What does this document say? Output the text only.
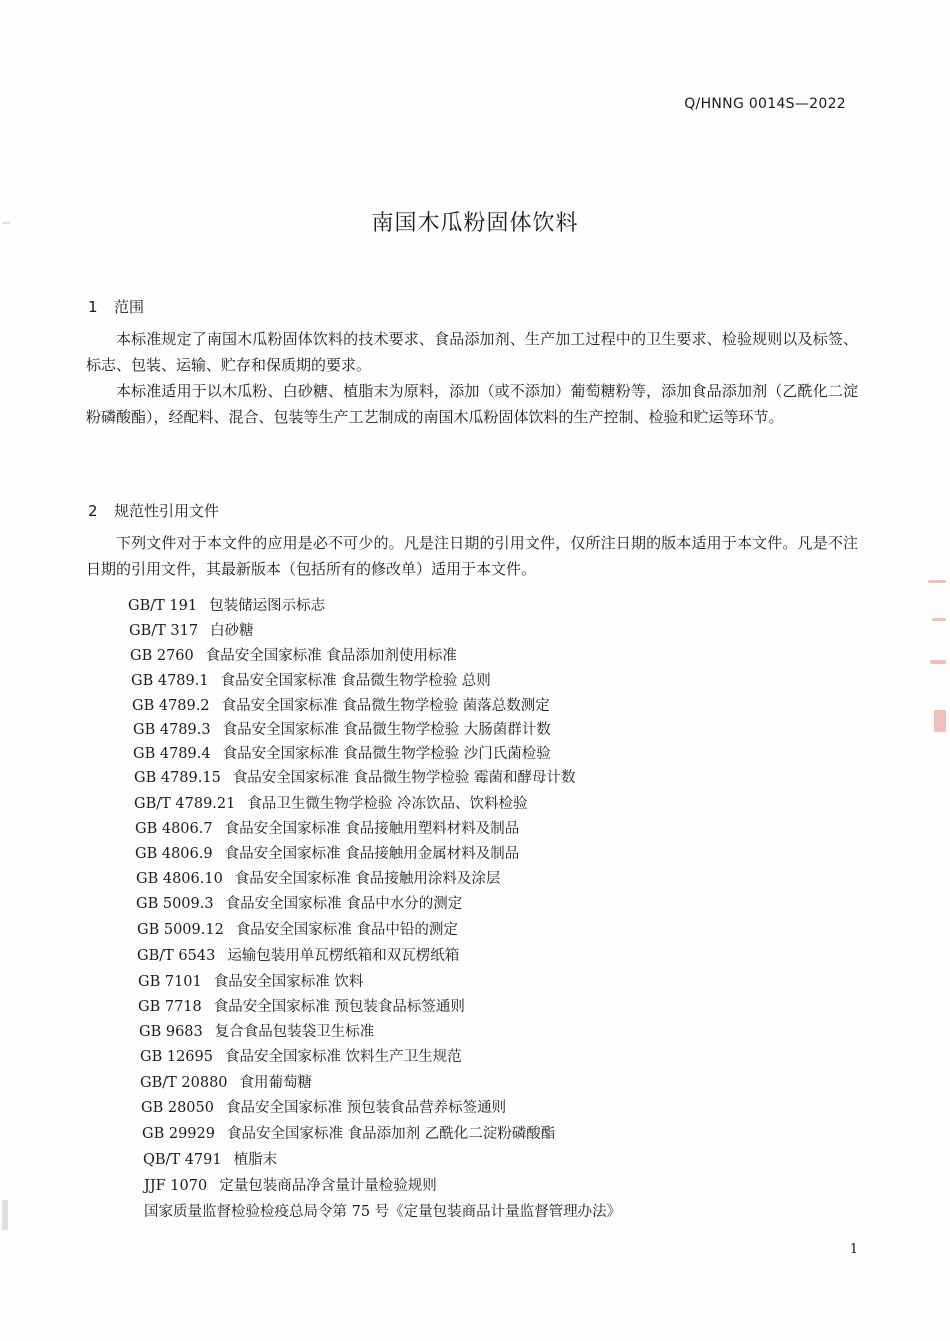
Q/HNNG 0014S—2022
南国木瓜粉固体饮料
1 范围

本标准规定了南国木瓜粉固体饮料的技术要求、食品添加剂、生产加工过程中的卫生要求、检验规则以及标签、标志、包装、运输、贮存和保质期的要求。

本标准适用于以木瓜粉、白砂糖、植脂末为原料，添加（或不添加）葡萄糖粉等，添加食品添加剂（乙酰化二淀粉磷酸酯），经配料、混合、包装等生产工艺制成的南国木瓜粉固体饮料的生产控制、检验和贮运等环节。

2 规范性引用文件

下列文件对于本文件的应用是必不可少的。凡是注日期的引用文件，仅所注日期的版本适用于本文件。凡是不注日期的引用文件，其最新版本（包括所有的修改单）适用于本文件。

GB/T 191 包装储运图示标志
GB/T 317 白砂糖
GB 2760 食品安全国家标准 食品添加剂使用标准
GB 4789.1 食品安全国家标准 食品微生物学检验 总则
GB 4789.2 食品安全国家标准 食品微生物学检验 菌落总数测定
GB 4789.3 食品安全国家标准 食品微生物学检验 大肠菌群计数
GB 4789.4 食品安全国家标准 食品微生物学检验 沙门氏菌检验
GB 4789.15 食品安全国家标准 食品微生物学检验 霉菌和酵母计数
GB/T 4789.21 食品卫生微生物学检验 冷冻饮品、饮料检验
GB 4806.7 食品安全国家标准 食品接触用塑料材料及制品
GB 4806.9 食品安全国家标准 食品接触用金属材料及制品
GB 4806.10 食品安全国家标准 食品接触用涂料及涂层
GB 5009.3 食品安全国家标准 食品中水分的测定
GB 5009.12 食品安全国家标准 食品中铅的测定
GB/T 6543 运输包装用单瓦楞纸箱和双瓦楞纸箱
GB 7101 食品安全国家标准 饮料
GB 7718 食品安全国家标准 预包装食品标签通则
GB 9683 复合食品包装袋卫生标准
GB 12695 食品安全国家标准 饮料生产卫生规范
GB/T 20880 食用葡萄糖
GB 28050 食品安全国家标准 预包装食品营养标签通则
GB 29929 食品安全国家标准 食品添加剂 乙酰化二淀粉磷酸酯
QB/T 4791 植脂末
JJF 1070 定量包装商品净含量计量检验规则
国家质量监督检验检疫总局令第 75 号《定量包装商品计量监督管理办法》
1
